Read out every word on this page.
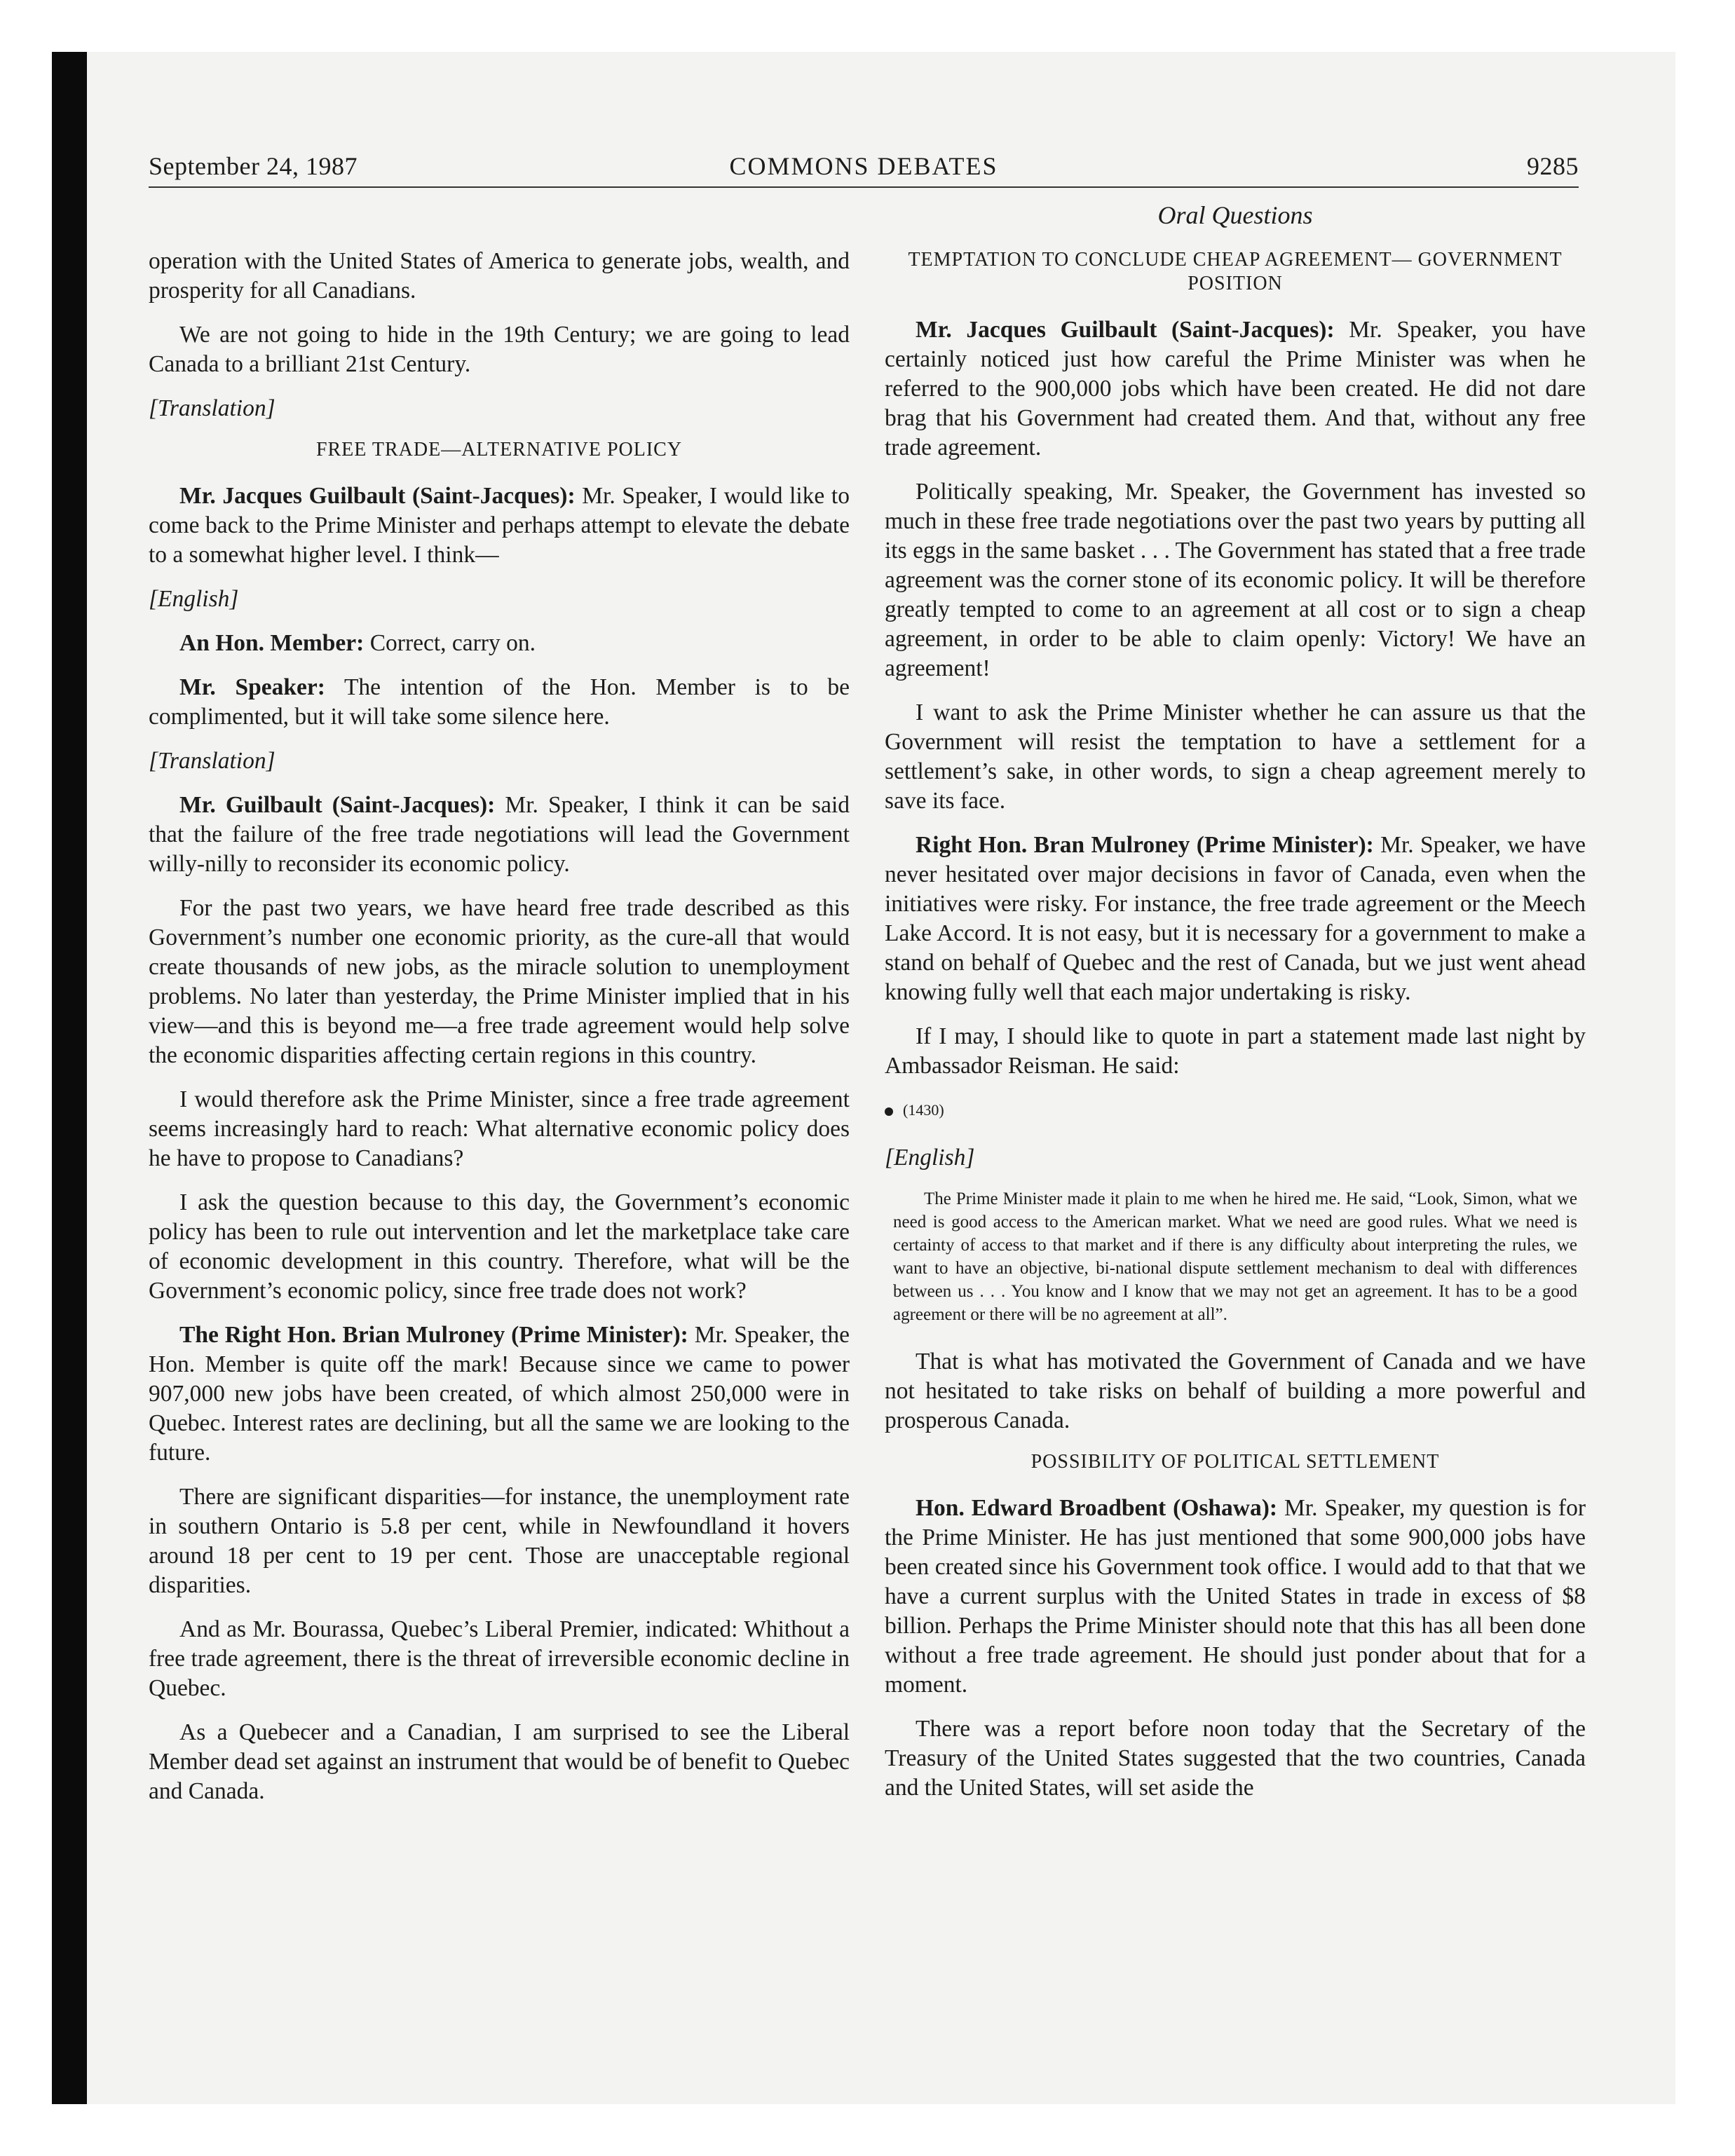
September 24, 1987	COMMONS DEBATES	9285

operation with the United States of America to generate jobs, wealth, and prosperity for all Canadians.

We are not going to hide in the 19th Century; we are going to lead Canada to a brilliant 21st Century.

[Translation]

FREE TRADE—ALTERNATIVE POLICY

Mr. Jacques Guilbault (Saint-Jacques): Mr. Speaker, I would like to come back to the Prime Minister and perhaps attempt to elevate the debate to a somewhat higher level. I think—

[English]

An Hon. Member: Correct, carry on.

Mr. Speaker: The intention of the Hon. Member is to be complimented, but it will take some silence here.

[Translation]

Mr. Guilbault (Saint-Jacques): Mr. Speaker, I think it can be said that the failure of the free trade negotiations will lead the Government willy-nilly to reconsider its economic policy.

For the past two years, we have heard free trade described as this Government’s number one economic priority, as the cure-all that would create thousands of new jobs, as the miracle solution to unemployment problems. No later than yesterday, the Prime Minister implied that in his view—and this is beyond me—a free trade agreement would help solve the economic disparities affecting certain regions in this country.

I would therefore ask the Prime Minister, since a free trade agreement seems increasingly hard to reach: What alternative economic policy does he have to propose to Canadians?

I ask the question because to this day, the Government’s economic policy has been to rule out intervention and let the marketplace take care of economic development in this country. Therefore, what will be the Government’s economic policy, since free trade does not work?

The Right Hon. Brian Mulroney (Prime Minister): Mr. Speaker, the Hon. Member is quite off the mark! Because since we came to power 907,000 new jobs have been created, of which almost 250,000 were in Quebec. Interest rates are declining, but all the same we are looking to the future.

There are significant disparities—for instance, the unemployment rate in southern Ontario is 5.8 per cent, while in Newfoundland it hovers around 18 per cent to 19 per cent. Those are unacceptable regional disparities.

And as Mr. Bourassa, Quebec’s Liberal Premier, indicated: Whithout a free trade agreement, there is the threat of irreversible economic decline in Quebec.

As a Quebecer and a Canadian, I am surprised to see the Liberal Member dead set against an instrument that would be of benefit to Quebec and Canada.

Oral Questions

TEMPTATION TO CONCLUDE CHEAP AGREEMENT— GOVERNMENT POSITION

Mr. Jacques Guilbault (Saint-Jacques): Mr. Speaker, you have certainly noticed just how careful the Prime Minister was when he referred to the 900,000 jobs which have been created. He did not dare brag that his Government had created them. And that, without any free trade agreement.

Politically speaking, Mr. Speaker, the Government has invested so much in these free trade negotiations over the past two years by putting all its eggs in the same basket . . . The Government has stated that a free trade agreement was the corner stone of its economic policy. It will be therefore greatly tempted to come to an agreement at all cost or to sign a cheap agreement, in order to be able to claim openly: Victory! We have an agreement!

I want to ask the Prime Minister whether he can assure us that the Government will resist the temptation to have a settlement for a settlement’s sake, in other words, to sign a cheap agreement merely to save its face.

Right Hon. Bran Mulroney (Prime Minister): Mr. Speaker, we have never hesitated over major decisions in favor of Canada, even when the initiatives were risky. For instance, the free trade agreement or the Meech Lake Accord. It is not easy, but it is necessary for a government to make a stand on behalf of Quebec and the rest of Canada, but we just went ahead knowing fully well that each major undertaking is risky.

If I may, I should like to quote in part a statement made last night by Ambassador Reisman. He said:

(1430)

[English]

The Prime Minister made it plain to me when he hired me. He said, “Look, Simon, what we need is good access to the American market. What we need are good rules. What we need is certainty of access to that market and if there is any difficulty about interpreting the rules, we want to have an objective, bi-national dispute settlement mechanism to deal with differences between us . . . You know and I know that we may not get an agreement. It has to be a good agreement or there will be no agreement at all”.

That is what has motivated the Government of Canada and we have not hesitated to take risks on behalf of building a more powerful and prosperous Canada.

POSSIBILITY OF POLITICAL SETTLEMENT

Hon. Edward Broadbent (Oshawa): Mr. Speaker, my question is for the Prime Minister. He has just mentioned that some 900,000 jobs have been created since his Government took office. I would add to that that we have a current surplus with the United States in trade in excess of $8 billion. Perhaps the Prime Minister should note that this has all been done without a free trade agreement. He should just ponder about that for a moment.

There was a report before noon today that the Secretary of the Treasury of the United States suggested that the two countries, Canada and the United States, will set aside the
